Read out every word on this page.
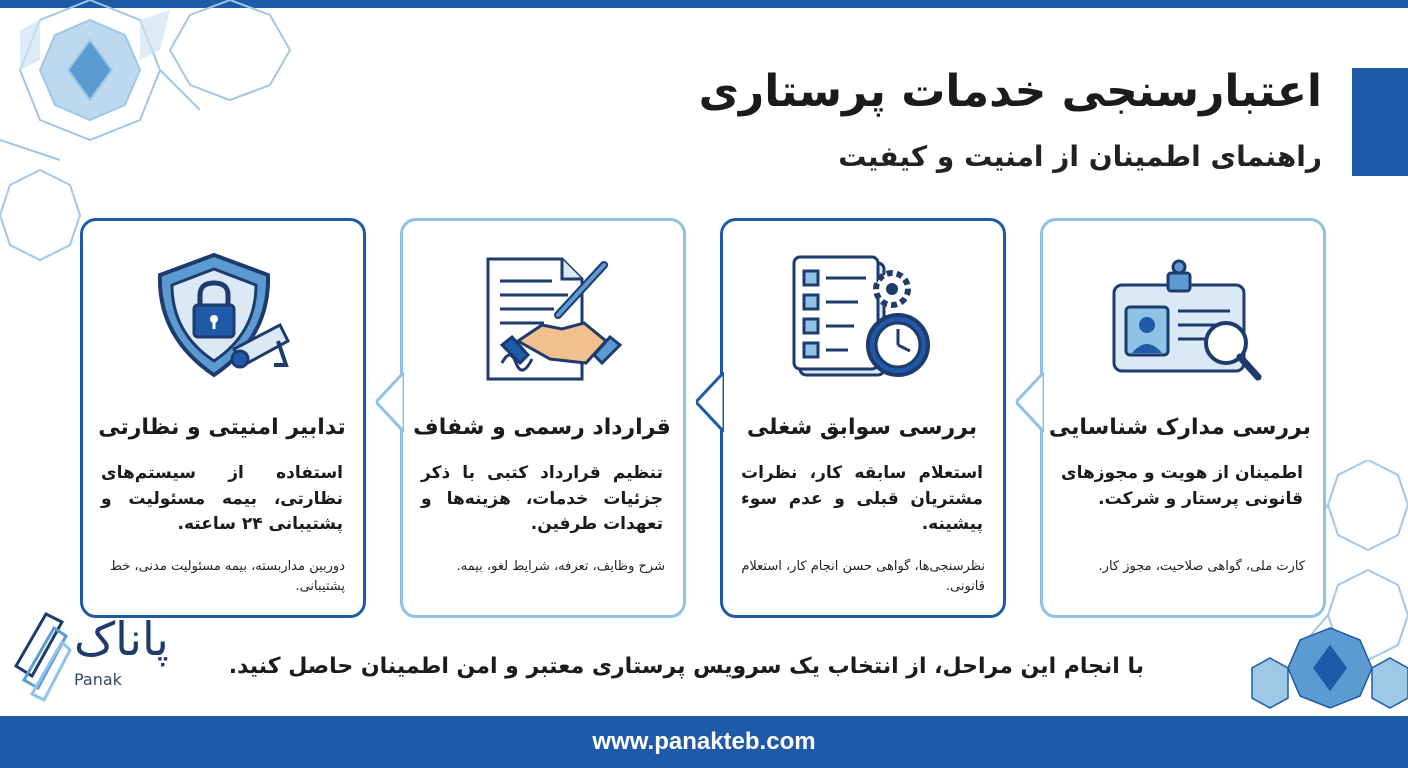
اعتبارسنجی خدمات پرستاری
راهنمای اطمینان از امنیت و کیفیت
بررسی مدارک شناسایی
اطمینان از هویت و مجوزهای قانونی پرستار و شرکت.
کارت ملی، گواهی صلاحیت، مجوز کار.
بررسی سوابق شغلی
استعلام سابقه کار، نظرات مشتریان قبلی و عدم سوء پیشینه.
نظرسنجی‌ها، گواهی حسن انجام کار، استعلام قانونی.
قرارداد رسمی و شفاف
تنظیم قرارداد کتبی با ذکر جزئیات خدمات، هزینه‌ها و تعهدات طرفین.
شرح وظایف، تعرفه، شرایط لغو، بیمه.
تدابیر امنیتی و نظارتی
استفاده از سیستم‌های نظارتی، بیمه مسئولیت و پشتیبانی ۲۴ ساعته.
دوربین مداربسته، بیمه مسئولیت مدنی، خط پشتیبانی.
با انجام این مراحل، از انتخاب یک سرویس پرستاری معتبر و امن اطمینان حاصل کنید.
پاناک
Panak
www.panakteb.com
